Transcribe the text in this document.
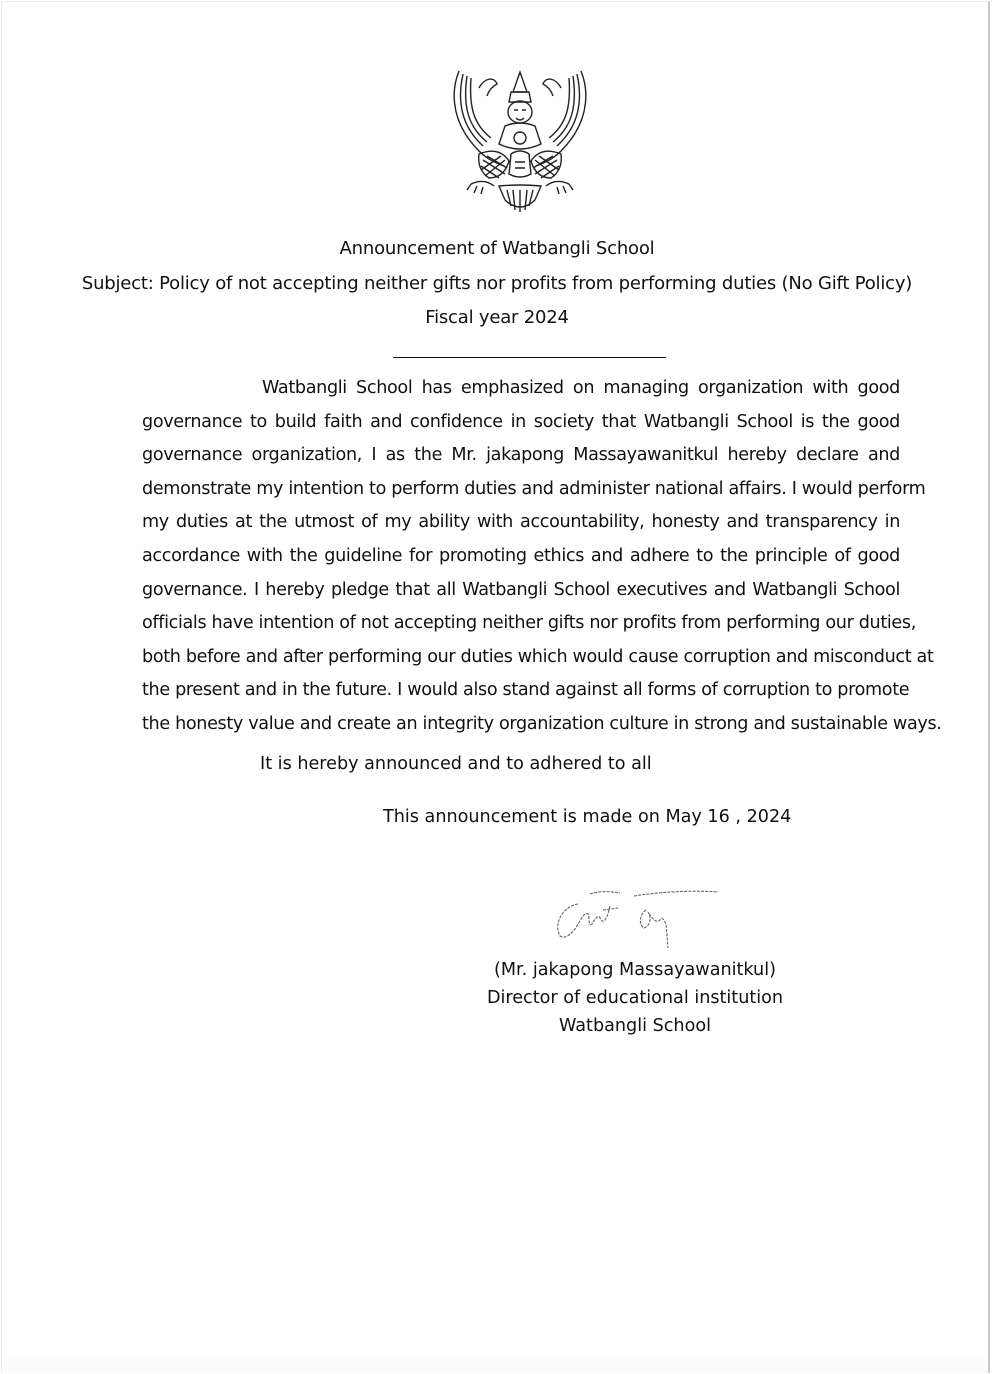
Announcement of Watbangli School
Subject: Policy of not accepting neither gifts nor profits from performing duties (No Gift Policy)
Fiscal year 2024
Watbangli School has emphasized on managing organization with good
governance to build faith and confidence in society that Watbangli School is the good
governance organization, I as the Mr. jakapong Massayawanitkul hereby declare and
demonstrate my intention to perform duties and administer national affairs. I would perform
my duties at the utmost of my ability with accountability, honesty and transparency in
accordance with the guideline for promoting ethics and adhere to the principle of good
governance. I hereby pledge that all Watbangli School executives and Watbangli School
officials have intention of not accepting neither gifts nor profits from performing our duties,
both before and after performing our duties which would cause corruption and misconduct at
the present and in the future. I would also stand against all forms of corruption to promote
the honesty value and create an integrity organization culture in strong and sustainable ways.
It is hereby announced and to adhered to all
This announcement is made on May 16 , 2024
(Mr. jakapong Massayawanitkul)
Director of educational institution
Watbangli School
